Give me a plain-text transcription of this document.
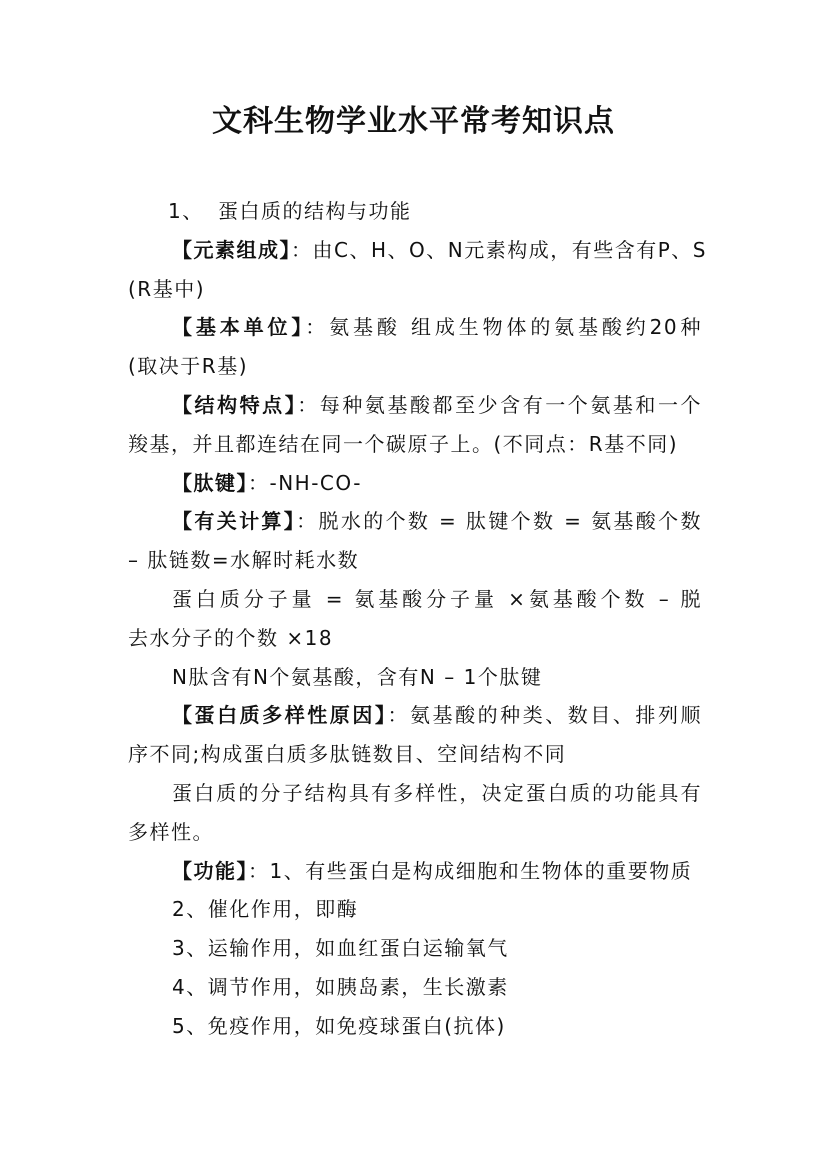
文科生物学业水平常考知识点
1、 蛋白质的结构与功能
【元素组成】：由C、H、O、N元素构成，有些含有P、S
(R基中)
【基本单位】：氨基酸 组成生物体的氨基酸约20种
(取决于R基)
【结构特点】：每种氨基酸都至少含有一个氨基和一个
羧基，并且都连结在同一个碳原子上。(不同点：R基不同)
【肽键】：-NH-CO-
【有关计算】：脱水的个数 = 肽键个数 = 氨基酸个数
– 肽链数=水解时耗水数
蛋白质分子量 = 氨基酸分子量 ×氨基酸个数 – 脱
去水分子的个数 ×18
N肽含有N个氨基酸，含有N – 1个肽键
【蛋白质多样性原因】：氨基酸的种类、数目、排列顺
序不同;构成蛋白质多肽链数目、空间结构不同
蛋白质的分子结构具有多样性，决定蛋白质的功能具有
多样性。
【功能】：1、有些蛋白是构成细胞和生物体的重要物质
2、催化作用，即酶
3、运输作用，如血红蛋白运输氧气
4、调节作用，如胰岛素，生长激素
5、免疫作用，如免疫球蛋白(抗体)
